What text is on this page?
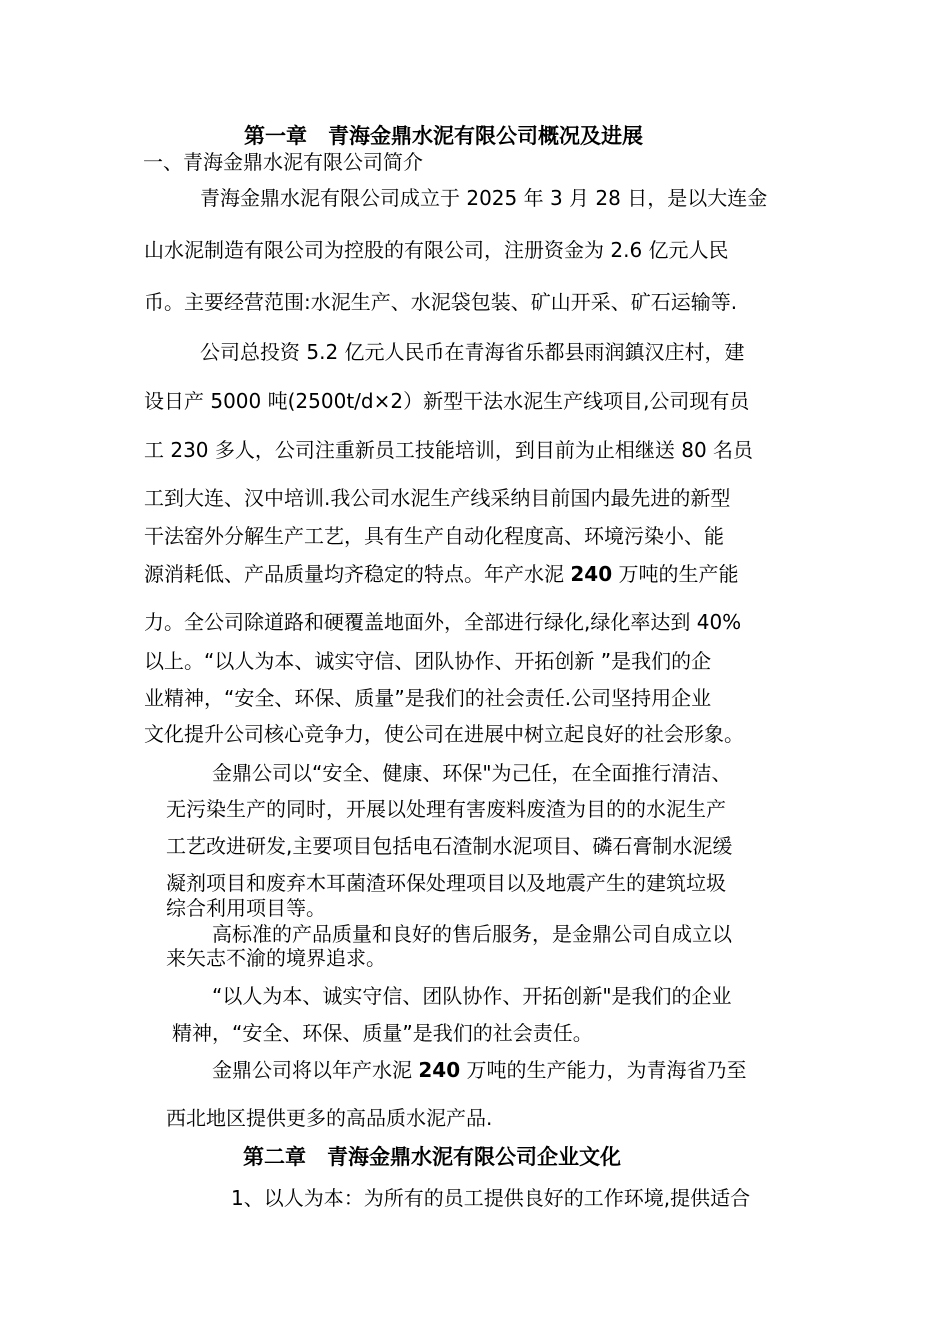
第一章　青海金鼎水泥有限公司概况及进展
一、青海金鼎水泥有限公司简介
青海金鼎水泥有限公司成立于 2025 年 3 月 28 日，是以大连金
山水泥制造有限公司为控股的有限公司，注册资金为 2.6 亿元人民
币。主要经营范围:水泥生产、水泥袋包装、矿山开采、矿石运输等.
公司总投资 5.2 亿元人民币在青海省乐都县雨润鎮汉庄村，建
设日产 5000 吨(2500t/d×2）新型干法水泥生产线项目,公司现有员
工 230 多人，公司注重新员工技能培训，到目前为止相继送 80 名员
工到大连、汉中培训.我公司水泥生产线采纳目前国内最先进的新型
干法窑外分解生产工艺，具有生产自动化程度高、环境污染小、能
源消耗低、产品质量均齐稳定的特点。年产水泥 240 万吨的生产能
力。全公司除道路和硬覆盖地面外，全部进行绿化,绿化率达到 40%
以上。“以人为本、诚实守信、团队协作、开拓创新 ”是我们的企
业精神，“安全、环保、质量”是我们的社会责任.公司坚持用企业
文化提升公司核心竞争力，使公司在进展中树立起良好的社会形象。
金鼎公司以“安全、健康、环保"为己任，在全面推行清洁、
无污染生产的同时，开展以处理有害废料废渣为目的的水泥生产
工艺改进研发,主要项目包括电石渣制水泥项目、磷石膏制水泥缓
凝剂项目和废弃木耳菌渣环保处理项目以及地震产生的建筑垃圾
综合利用项目等。
高标准的产品质量和良好的售后服务，是金鼎公司自成立以
来矢志不渝的境界追求。
“以人为本、诚实守信、团队协作、开拓创新"是我们的企业
精神，“安全、环保、质量”是我们的社会责任。
金鼎公司将以年产水泥 240 万吨的生产能力，为青海省乃至
西北地区提供更多的高品质水泥产品.
第二章　青海金鼎水泥有限公司企业文化
1、以人为本：为所有的员工提供良好的工作环境,提供适合
